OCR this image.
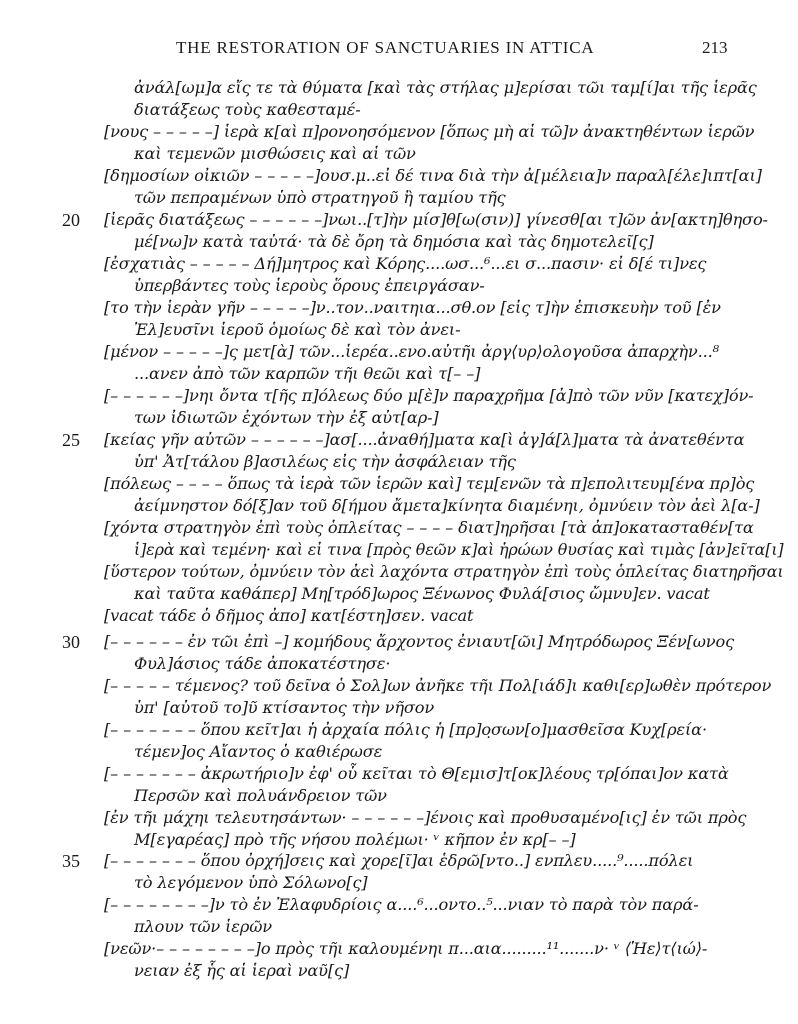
THE RESTORATION OF SANCTUARIES IN ATTICA	213
20
25
30
35
ἀνάλ[ωμ]α εἴς τε τὰ θύματα [καὶ τὰς στήλας μ]ερίσαι τῶι ταμ[ί]αι τῆς ἱερᾶς
διατάξεως τοὺς καθεσταμέ-
[νους – – – – –] ἱερὰ κ[αὶ π]ρονοησόμενον [ὅπως μὴ αἱ τῶ]ν ἀνακτηθέντων ἱερῶν
καὶ τεμενῶν μισθώσεις καὶ αἱ τῶν
[δημοσίων οἰκιῶν – – – – –]ουσ.μ..εἰ δέ τινα διὰ τὴν ἀ[μέλεια]ν παραλ[έλε]ιπτ[αι]
τῶν πεπραμένων ὑπὸ στρατηγοῦ ἢ ταμίου τῆς
[ἱερᾶς διατάξεως – – – – – –]νωι..[τ]ὴν μίσ]θ[ω(σιν)] γίνεσθ[αι τ]ῶν ἀν[ακτη]θησο-
μέ[νω]ν κατὰ ταὐτά· τὰ δὲ ὄρη τὰ δημόσια καὶ τὰς δημοτελεῖ[ς]
[ἐσχατιὰς – – – – – Δή]μητρος καὶ Κόρης....ωσ...⁶...ει σ...πασιν· εἰ δ[έ τι]νες
ὑπερβάντες τοὺς ἱεροὺς ὅρους ἐπειργάσαν-
[το τὴν ἱερὰν γῆν – – – – –]ν..τον..ναιτηια...σθ.ον [εἰς τ]ὴν ἐπισκευὴν τοῦ [ἐν
Ἐλ]ευσῖνι ἱεροῦ ὁμοίως δὲ καὶ τὸν ἀνει-
[μένον – – – – –]ς μετ[ὰ] τῶν...ἱερέα..ενο.αὐτῆι ἀργ⟨υρ⟩ολογοῦσα ἀπαρχὴν...⁸
...ανεν ἀπὸ τῶν καρπῶν τῆι θεῶι καὶ τ[– –]
[– – – – – –]νηι ὄντα τ[ῆς π]όλεως δύο μ[ὲ]ν παραχρῆμα [ἀ]πὸ τῶν νῦν [κατεχ]όν-
των ἰδιωτῶν ἐχόντων τὴν ἐξ αὐτ[αρ-]
[κείας γῆν αὐτῶν – – – – – –]ασ[....ἀναθή]ματα κα[ὶ ἀγ]ά[λ]ματα τὰ ἀνατεθέντα
ὑπ' Ἀτ[τάλου β]ασιλέως εἰς τὴν ἀσφάλειαν τῆς
[πόλεως – – – – ὅπως τὰ ἱερὰ τῶν ἱερῶν καὶ] τεμ[ενῶν τὰ π]επολιτευμ[ένα πρ]ὸς
ἀείμνηστον δό[ξ]αν τοῦ δ[ήμου ἄμετα]κίνητα διαμένηι, ὀμνύειν τὸν ἀεὶ λ[α-]
[χόντα στρατηγὸν ἐπὶ τοὺς ὁπλείτας – – – – διατ]ηρῆσαι [τὰ ἀπ]οκατασταθέν[τα
ἱ]ερὰ καὶ τεμένη· καὶ εἰ τινα [πρὸς θεῶν κ]αὶ ἡρώων θυσίας καὶ τιμὰς [ἀν]εῖτα[ι]
[ὕστερον τούτων, ὀμνύειν τὸν ἀεὶ λαχόντα στρατηγὸν ἐπὶ τοὺς ὁπλείτας διατηρῆσαι
καὶ ταῦτα καθάπερ] Μη[τρόδ]ωρος Ξένωνος Φυλά[σιος ὤμνυ]εν. vacat
[vacat τάδε ὁ δῆμος ἀπο] κατ[έστη]σεν. vacat
[– – – – – – ἐν τῶι ἐπὶ –] κομήδους ἄρχοντος ἐνιαυτ[ῶι] Μητρόδωρος Ξέν[ωνος
Φυλ]άσιος τάδε ἀποκατέστησε·
[– – – – – τέμενος? τοῦ δεῖνα ὁ Σολ]ων ἀνῆκε τῆι Πολ[ιάδ]ι καθι[ερ]ωθὲν πρότερον
ὑπ' [αὐτοῦ το]ῦ κτίσαντος τὴν νῆσον
[– – – – – – – ὅπου κεῖτ]αι ἡ ἀρχαία πόλις ἡ [πρ]ο̣σων[ο]μασθεῖσα Κυχ[ρεία·
τέμεν]ος Αἴαντος ὁ καθιέρωσε
[– – – – – – – ἀκρωτήριο]ν ἐφ' οὗ κεῖται τὸ Θ[εμισ]τ[οκ]λέους τρ[όπαι]ον κατὰ
Περσῶν καὶ πολυάνδρειον τῶν
[ἐν τῆι μάχηι τελευτησάντων· – – – – – –]ένοις καὶ προθυσαμένο[ις] ἐν τῶι πρὸς
Μ[εγαρέας] πρὸ τῆς νήσου πολέμωι· ᵛ κῆπον ἐν κρ[– –]
[– – – – – – – ὅπου ὀρχή]σεις καὶ χορε[ῖ]αι ἑδρῶ[ντο..] ενπλευ.....⁹.....πόλει
τὸ λεγόμενον ὑπὸ Σόλωνο[ς]
[– – – – – – – –]ν τὸ ἐν Ἐλαφυδρίοις α....⁶...οντο..⁵...νιαν τὸ παρὰ τὸν παρά-
πλουν τῶν ἱερῶν
[νεῶν·– – – – – – – –]ο πρὸς τῆι καλουμένηι π...αια.........¹¹.......ν· ᵛ ⟨Ἡε⟩τ⟨ιώ⟩-
νειαν ἐξ ἧς αἱ ἱεραὶ ναῦ[ς]
